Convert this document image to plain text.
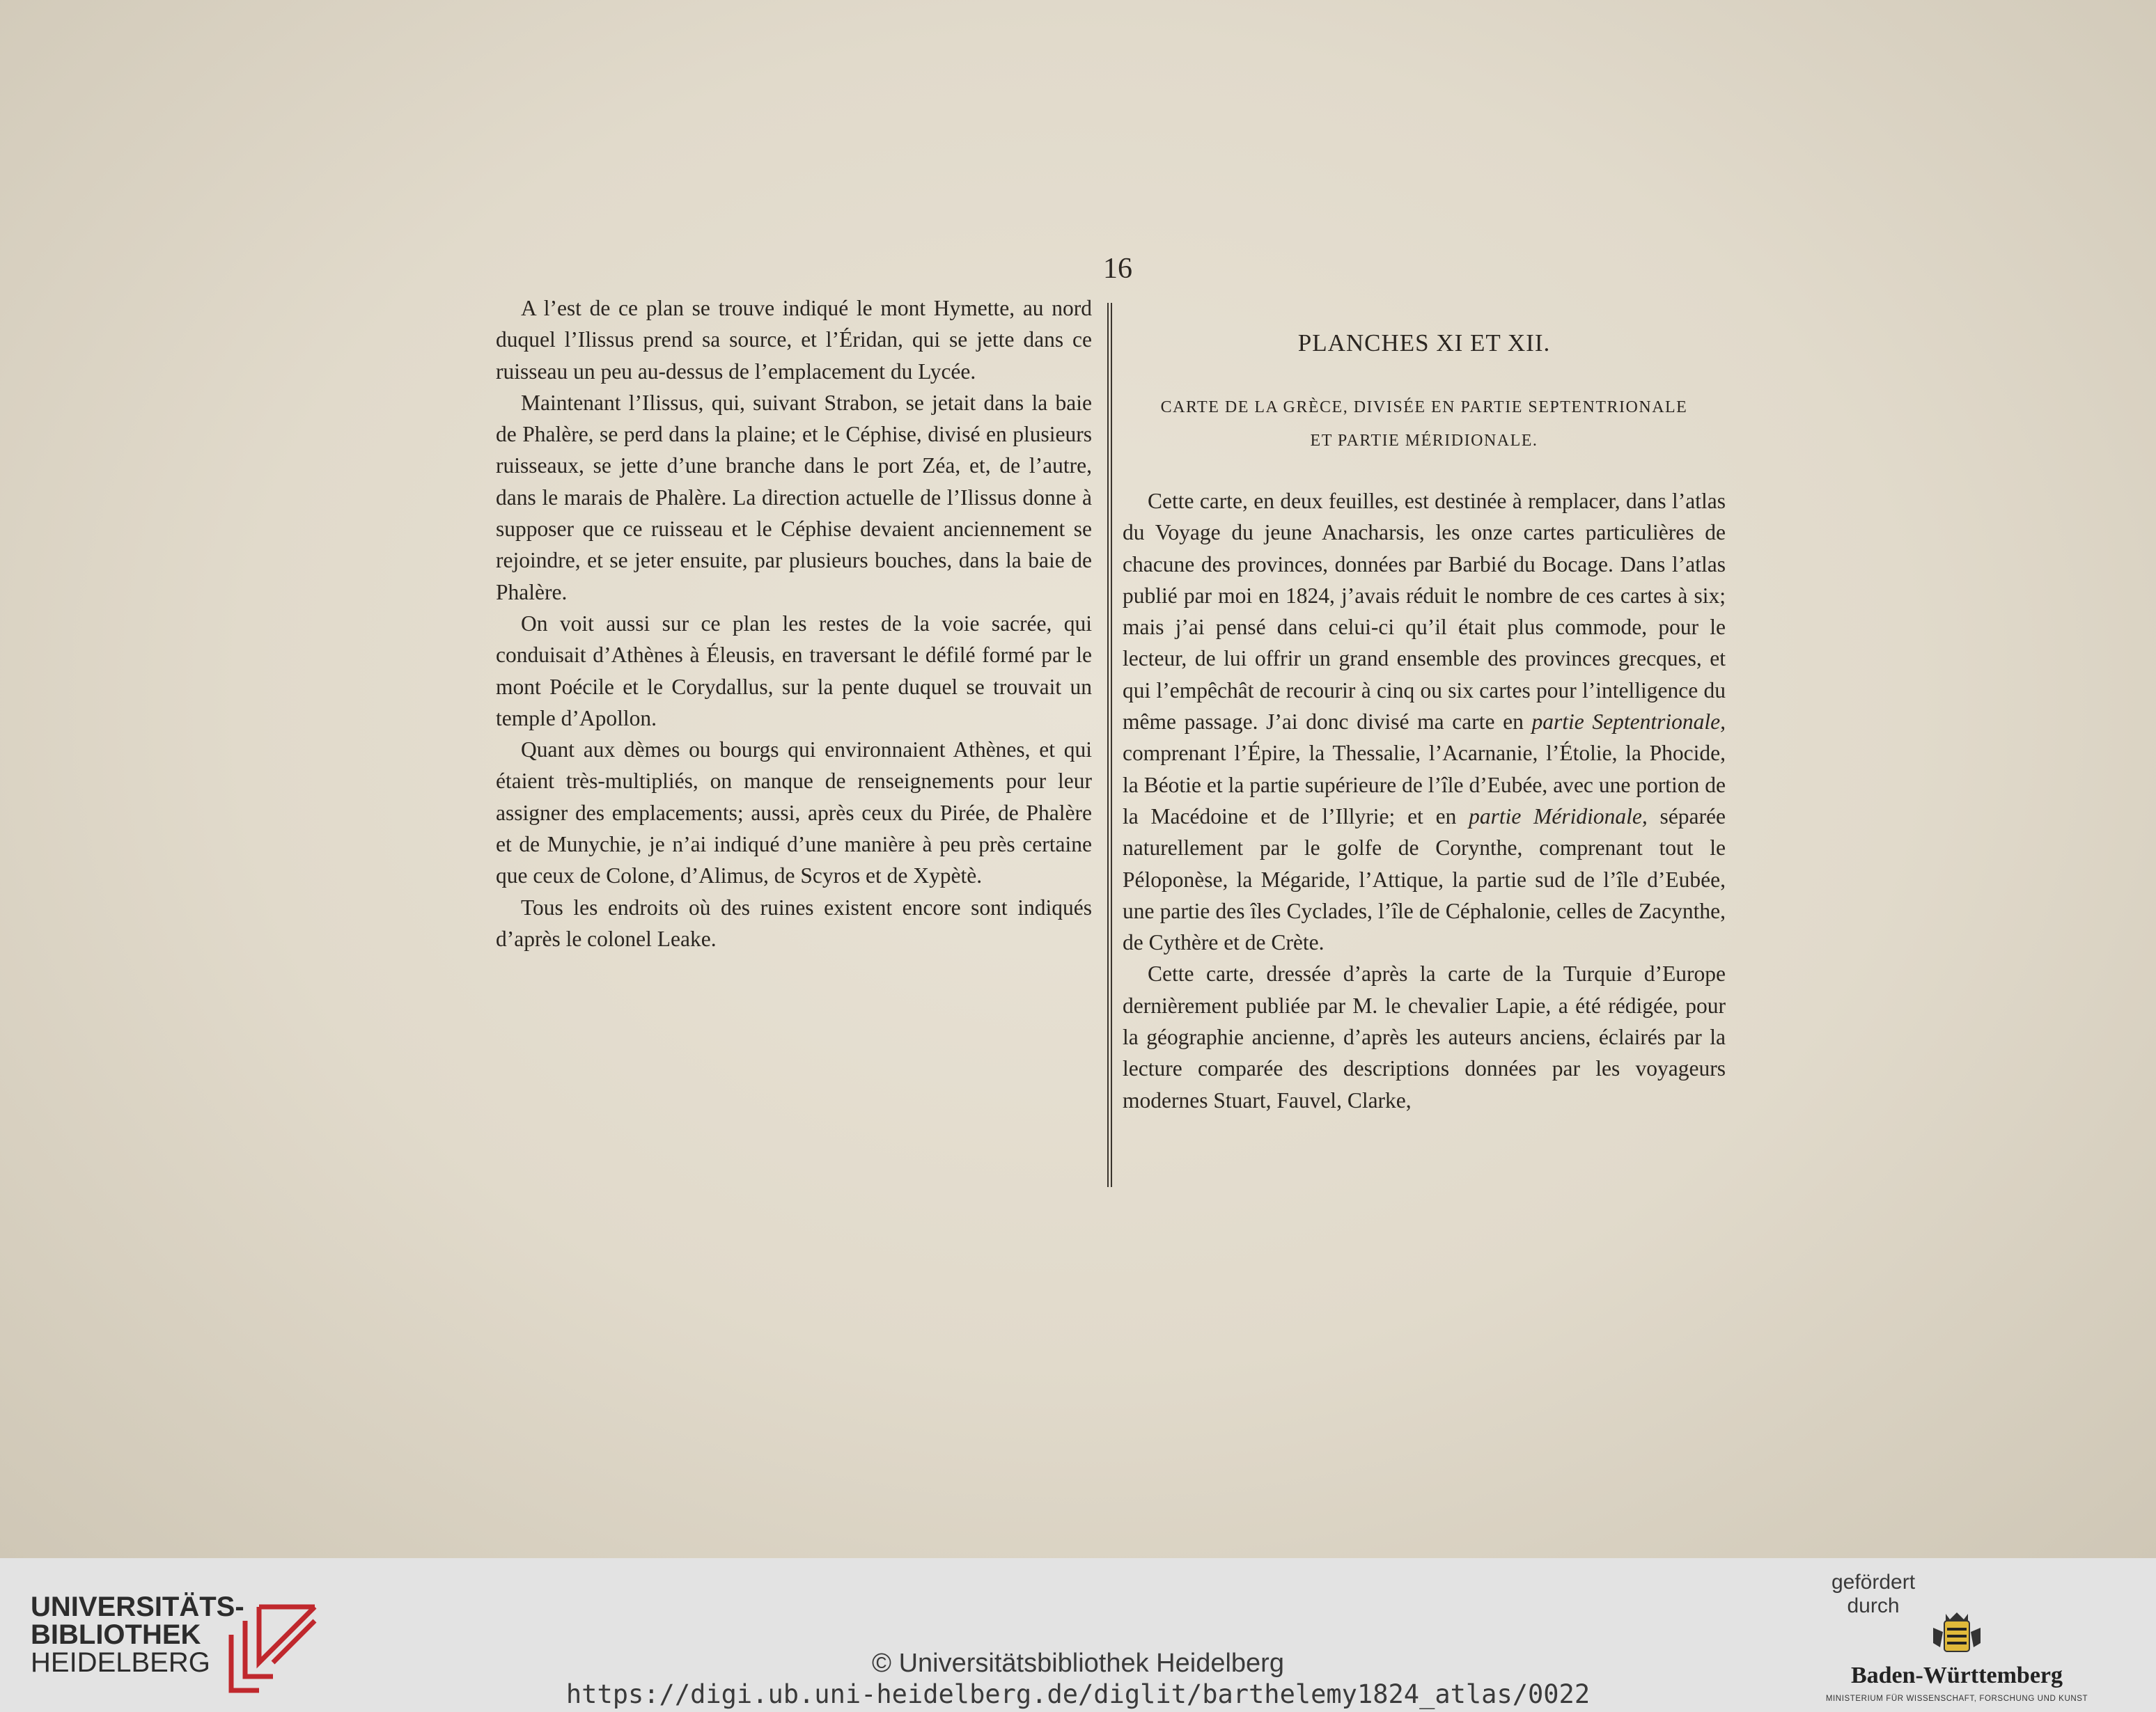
16

A l’est de ce plan se trouve indiqué le mont Hymette, au nord duquel l’Ilissus prend sa source, et l’Éridan, qui se jette dans ce ruisseau un peu au-dessus de l’emplacement du Lycée.

Maintenant l’Ilissus, qui, suivant Strabon, se jetait dans la baie de Phalère, se perd dans la plaine; et le Céphise, divisé en plusieurs ruisseaux, se jette d’une branche dans le port Zéa, et, de l’autre, dans le marais de Phalère. La direction actuelle de l’Ilissus donne à supposer que ce ruisseau et le Céphise devaient anciennement se rejoindre, et se jeter ensuite, par plusieurs bouches, dans la baie de Phalère.

On voit aussi sur ce plan les restes de la voie sacrée, qui conduisait d’Athènes à Éleusis, en traversant le défilé formé par le mont Poécile et le Corydallus, sur la pente duquel se trouvait un temple d’Apollon.

Quant aux dèmes ou bourgs qui environnaient Athènes, et qui étaient très-multipliés, on manque de renseignements pour leur assigner des emplacements; aussi, après ceux du Pirée, de Phalère et de Munychie, je n’ai indiqué d’une manière à peu près certaine que ceux de Colone, d’Alimus, de Scyros et de Xypètè.

Tous les endroits où des ruines existent encore sont indiqués d’après le colonel Leake.

PLANCHES XI ET XII.
CARTE DE LA GRÈCE, DIVISÉE EN PARTIE SEPTENTRIONALE
ET PARTIE MÉRIDIONALE.

Cette carte, en deux feuilles, est destinée à remplacer, dans l’atlas du Voyage du jeune Anacharsis, les onze cartes particulières de chacune des provinces, données par Barbié du Bocage. Dans l’atlas publié par moi en 1824, j’avais réduit le nombre de ces cartes à six; mais j’ai pensé dans celui-ci qu’il était plus commode, pour le lecteur, de lui offrir un grand ensemble des provinces grecques, et qui l’empêchât de recourir à cinq ou six cartes pour l’intelligence du même passage. J’ai donc divisé ma carte en partie Septentrionale, comprenant l’Épire, la Thessalie, l’Acarnanie, l’Étolie, la Phocide, la Béotie et la partie supérieure de l’île d’Eubée, avec une portion de la Macédoine et de l’Illyrie; et en partie Méridionale, séparée naturellement par le golfe de Corynthe, comprenant tout le Péloponèse, la Mégaride, l’Attique, la partie sud de l’île d’Eubée, une partie des îles Cyclades, l’île de Céphalonie, celles de Zacynthe, de Cythère et de Crète.

Cette carte, dressée d’après la carte de la Turquie d’Europe dernièrement publiée par M. le chevalier Lapie, a été rédigée, pour la géographie ancienne, d’après les auteurs anciens, éclairés par la lecture comparée des descriptions données par les voyageurs modernes Stuart, Fauvel, Clarke,

UNIVERSITÄTS-
BIBLIOTHEK
HEIDELBERG	© Universitätsbibliothek Heidelberg
https://digi.ub.uni-heidelberg.de/diglit/barthelemy1824_atlas/0022
gefördert durch
Baden-Württemberg
MINISTERIUM FÜR WISSENSCHAFT, FORSCHUNG UND KUNST
